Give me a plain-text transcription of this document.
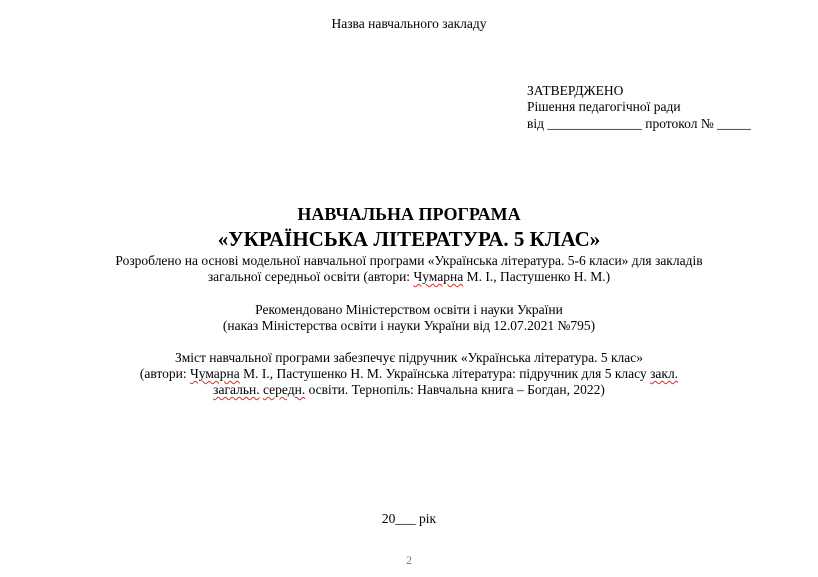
Назва навчального закладу
ЗАТВЕРДЖЕНО
Рішення педагогічної ради
від ______________ протокол № _____
НАВЧАЛЬНА ПРОГРАМА
«УКРАЇНСЬКА ЛІТЕРАТУРА. 5 КЛАС»
Розроблено на основі модельної навчальної програми «Українська література. 5-6 класи» для закладів
загальної середньої освіти (автори: Чумарна М. І., Пастушенко Н. М.)
Рекомендовано Міністерством освіти і науки України
(наказ Міністерства освіти і науки України від 12.07.2021 №795)
Зміст навчальної програми забезпечує підручник «Українська література. 5 клас»
(автори: Чумарна М. І., Пастушенко Н. М. Українська література: підручник для 5 класу закл.
загальн. середн. освіти. Тернопіль: Навчальна книга – Богдан, 2022)
20___ рік
2
